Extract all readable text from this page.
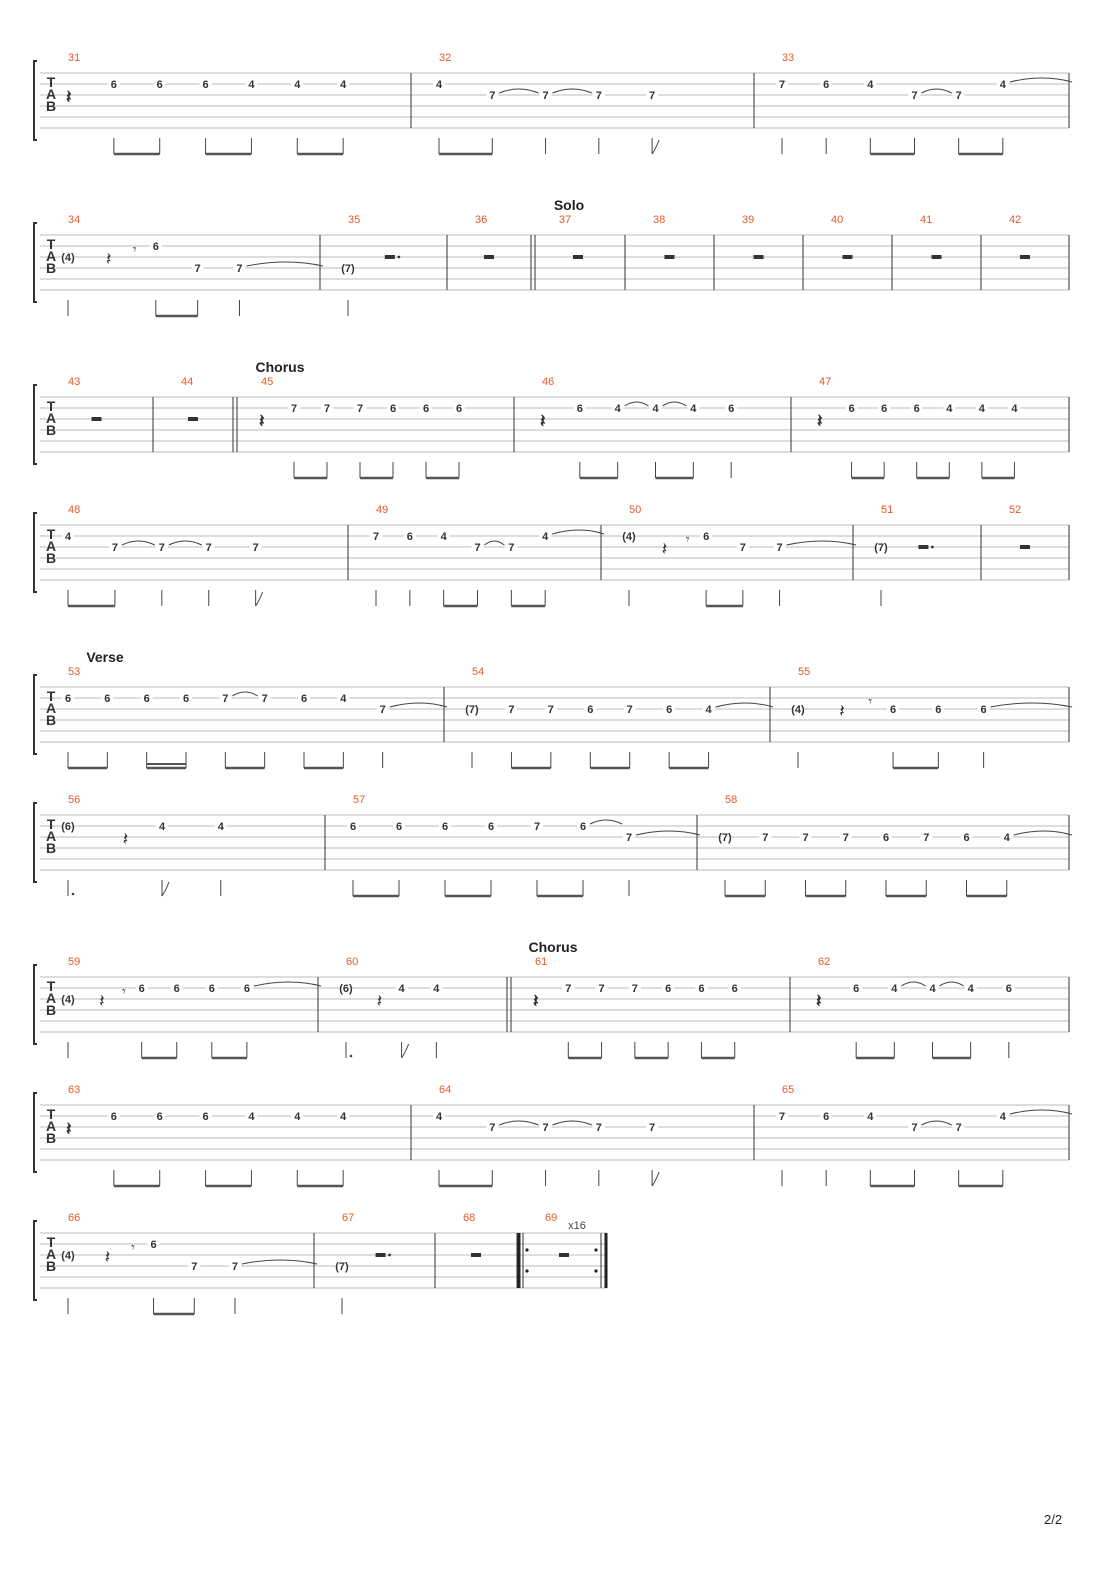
T
A
B
31
𝄽
6	6	6	4	4	4
32
4
7	7	7	7
33
7	6	4
7	7
4
T
A
B
Solo
34
𝄽 𝄾
(4)
6
7	7
35
(7)
36	37	38	39	40	41	42
T
A
B
Chorus
43	44	45
𝄽
7 7 7 6 6 6
46
𝄽
6	4	4	4	6
47
𝄽
6 6 6 4 4 4
T
A
B
48
4
7	7	7	7
49
7	6	4
7	7
4
50
𝄽 𝄾
(4)	6
7	7
51
(7)
52
T
A
B
Verse
53
6	6	6	6	7	7	6	4
7
54
(7)	7	7	6	7	6	4
55
𝄽 𝄾
(4)	6	6	6
T
A
B
56
𝄽
(6)	4	4
57
6	6	6	6	7	6
7
58
(7)	7	7	7	6	7	6	4
T
A
B
Chorus
59
𝄽 𝄾
(4)
6	6	6	6
60
𝄽
(6)	4	4
61
𝄽
7 7 7 6 6 6
62
𝄽
6	4	4	4	6
T
A
B
63
𝄽
6	6	6	4	4	4
64
4
7	7	7	7
65
7	6	4
7	7
4
T
A
B
66
𝄽 𝄾
(4)
6
7	7
67
(7)
68
x16
69
2/2
